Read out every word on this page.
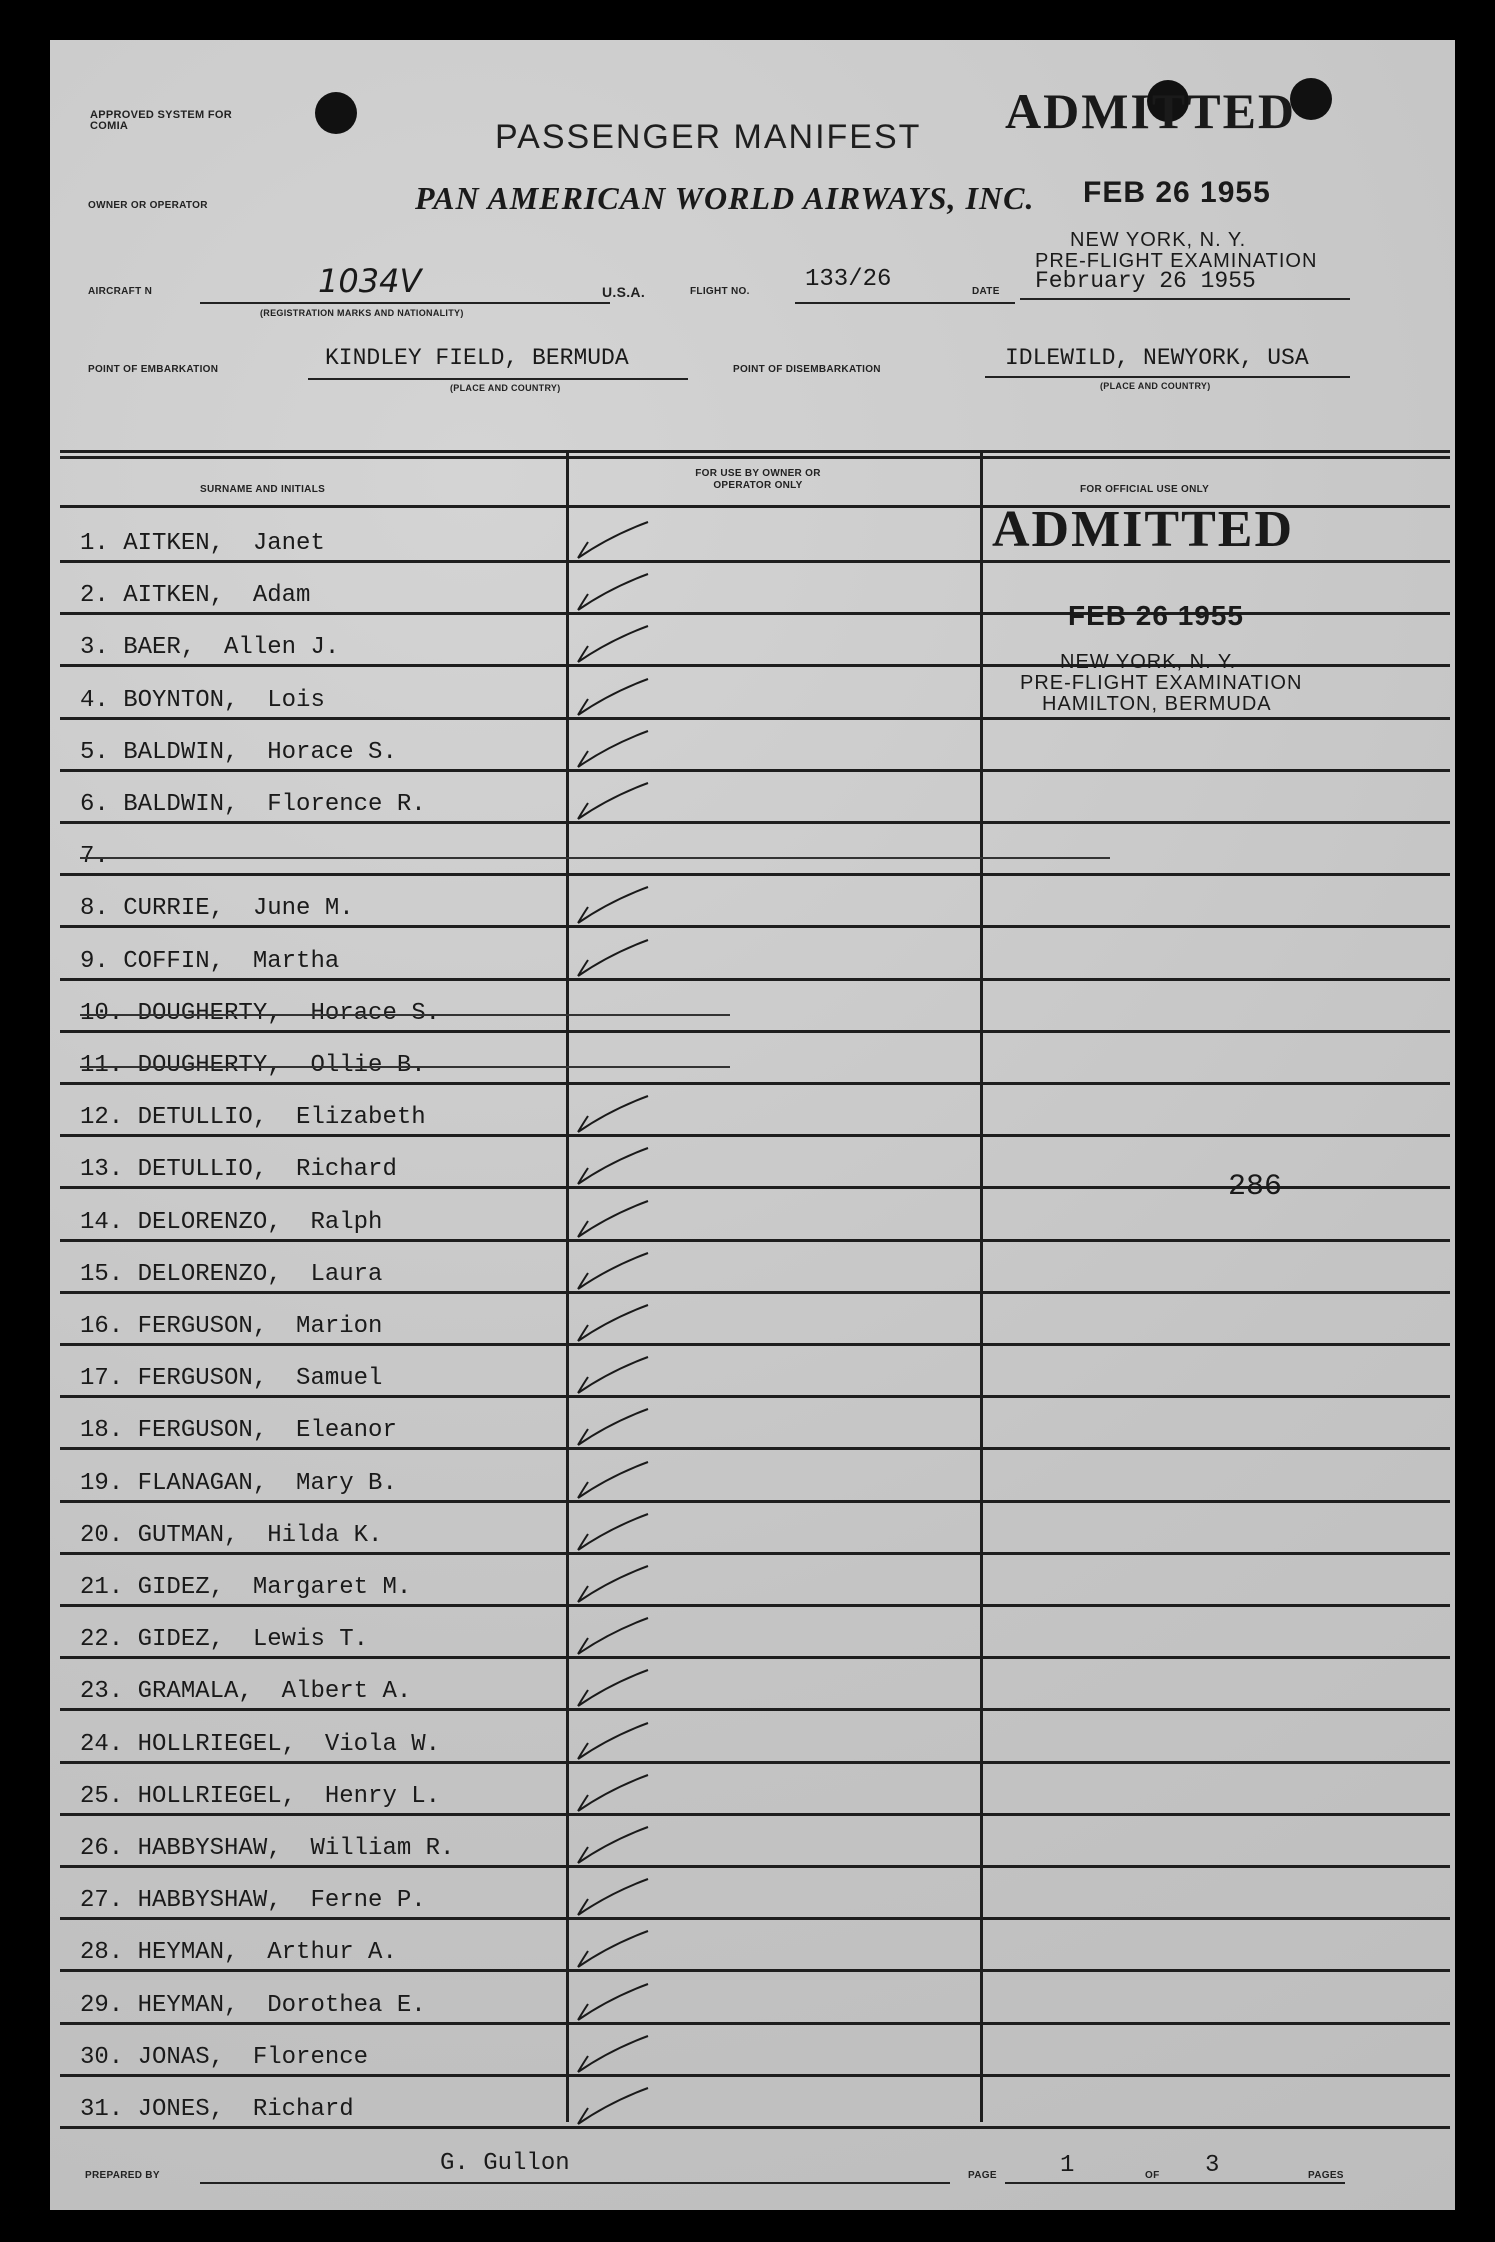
APPROVED SYSTEM FOR COMIA
OWNER OR OPERATOR
PASSENGER MANIFEST
PAN AMERICAN WORLD AIRWAYS, INC.
ADMITTED
FEB 26 1955
NEW YORK, N. Y.
PRE-FLIGHT EXAMINATION
AIRCRAFT N	1034V
(REGISTRATION MARKS AND NATIONALITY)
U.S.A.	FLIGHT NO. 133/26	DATE February 26 1955
POINT OF EMBARKATION	KINDLEY FIELD, BERMUDA
(PLACE AND COUNTRY)
POINT OF DISEMBARKATION	IDLEWILD, NEWYORK, USA
(PLACE AND COUNTRY)
SURNAME AND INITIALS
FOR USE BY OWNER OR OPERATOR ONLY	FOR OFFICIAL USE ONLY
1. AITKEN,  Janet
2. AITKEN,  Adam
3. BAER,  Allen J.
4. BOYNTON,  Lois
5. BALDWIN,  Horace S.
6. BALDWIN,  Florence R.
7.
8. CURRIE,  June M.
9. COFFIN,  Martha
10. DOUGHERTY,  Horace S.
11. DOUGHERTY,  Ollie B.
12. DETULLIO,  Elizabeth
13. DETULLIO,  Richard
14. DELORENZO,  Ralph
15. DELORENZO,  Laura
16. FERGUSON,  Marion
17. FERGUSON,  Samuel
18. FERGUSON,  Eleanor
19. FLANAGAN,  Mary B.
20. GUTMAN,  Hilda K.
21. GIDEZ,  Margaret M.
22. GIDEZ,  Lewis T.
23. GRAMALA,  Albert A.
24. HOLLRIEGEL,  Viola W.
25. HOLLRIEGEL,  Henry L.
26. HABBYSHAW,  William R.
27. HABBYSHAW,  Ferne P.
28. HEYMAN,  Arthur A.
29. HEYMAN,  Dorothea E.
30. JONAS,  Florence
31. JONES,  Richard
ADMITTED
FEB 26 1955
NEW YORK, N. Y.
PRE-FLIGHT EXAMINATION
HAMILTON, BERMUDA
286
PREPARED BY	G. Gullon	PAGE	1	OF 3	PAGES
